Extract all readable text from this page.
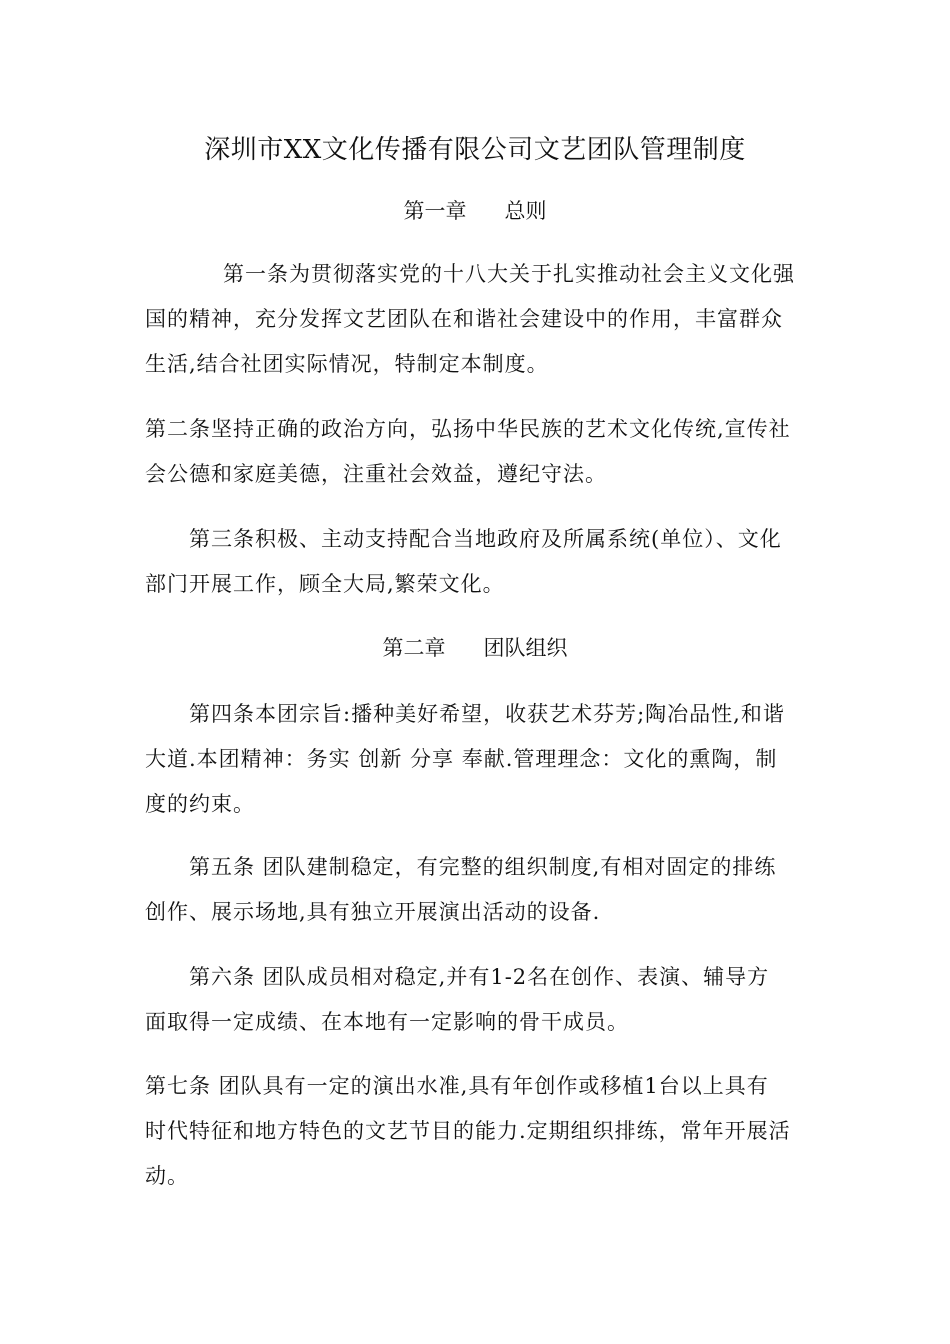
深圳市XX文化传播有限公司文艺团队管理制度
第一章 总则

第一条为贯彻落实党的十八大关于扎实推动社会主义文化强
国的精神，充分发挥文艺团队在和谐社会建设中的作用，丰富群众
生活,结合社团实际情况，特制定本制度。

第二条坚持正确的政治方向，弘扬中华民族的艺术文化传统,宣传社
会公德和家庭美德，注重社会效益，遵纪守法。

第三条积极、主动支持配合当地政府及所属系统(单位）、文化
部门开展工作，顾全大局,繁荣文化。

第二章 团队组织

第四条本团宗旨:播种美好希望，收获艺术芬芳;陶冶品性,和谐
大道.本团精神：务实 创新 分享 奉献.管理理念：文化的熏陶，制
度的约束。

第五条 团队建制稳定，有完整的组织制度,有相对固定的排练
创作、展示场地,具有独立开展演出活动的设备.

第六条 团队成员相对稳定,并有1-2名在创作、表演、辅导方
面取得一定成绩、在本地有一定影响的骨干成员。

第七条 团队具有一定的演出水准,具有年创作或移植1台以上具有
时代特征和地方特色的文艺节目的能力.定期组织排练，常年开展活
动。
